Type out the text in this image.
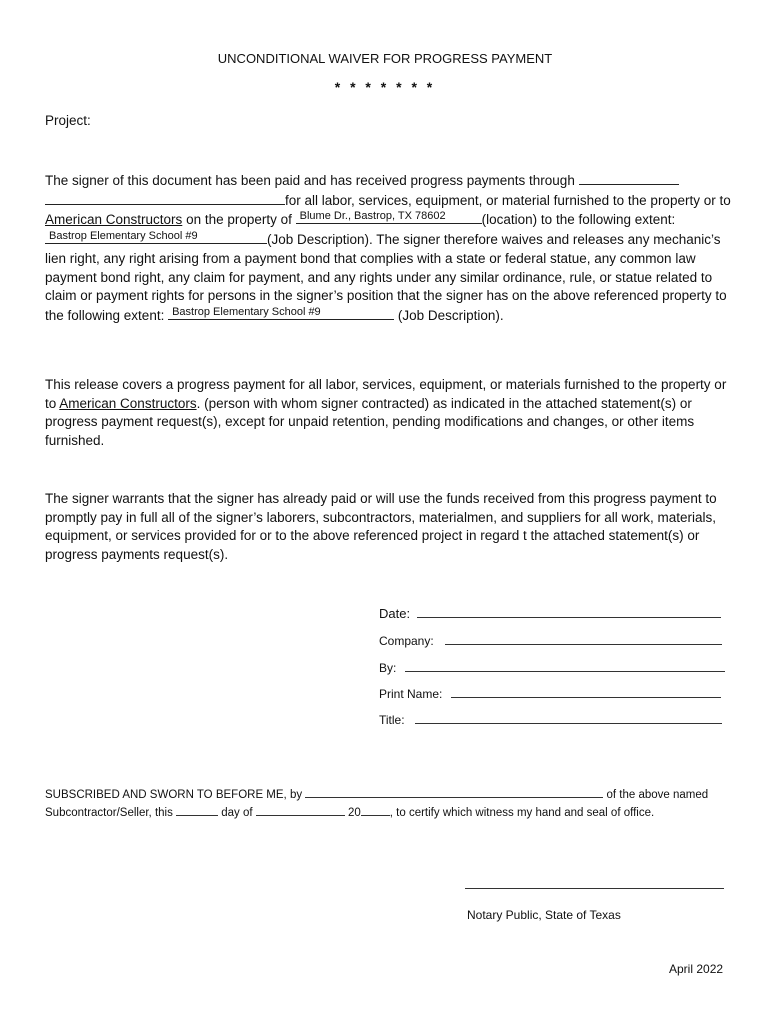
UNCONDITIONAL WAIVER FOR PROGRESS PAYMENT
* * * * * * *
Project:
The signer of this document has been paid and has received progress payments through  for all labor, services, equipment, or material furnished to the property or to American Constructors on the property of Blume Dr., Bastrop, TX 78602	(location) to the following extent:
Bastrop Elementary School #9	(Job Description). The signer therefore waives and releases any mechanic’s lien right, any right arising from a payment bond that complies with a state or federal statue, any common law payment bond right, any claim for payment, and any rights under any similar ordinance, rule, or statue related to claim or payment rights for persons in the signer’s position that the signer has on the above referenced property to the following extent: Bastrop Elementary School #9	(Job Description).
This release covers a progress payment for all labor, services, equipment, or materials furnished to the property or to American Constructors. (person with whom signer contracted) as indicated in the attached statement(s) or progress payment request(s), except for unpaid retention, pending modifications and changes, or other items furnished.
The signer warrants that the signer has already paid or will use the funds received from this progress payment to promptly pay in full all of the signer’s laborers, subcontractors, materialmen, and suppliers for all work, materials, equipment, or services provided for or to the above referenced project in regard t the attached statement(s) or progress payments request(s).
Date:
Company:
By:
Print Name:
Title:
SUBSCRIBED AND SWORN TO BEFORE ME, by	of the above named
Subcontractor/Seller, this	day of	20	, to certify which witness my hand and seal of office.
Notary Public, State of Texas
April 2022
